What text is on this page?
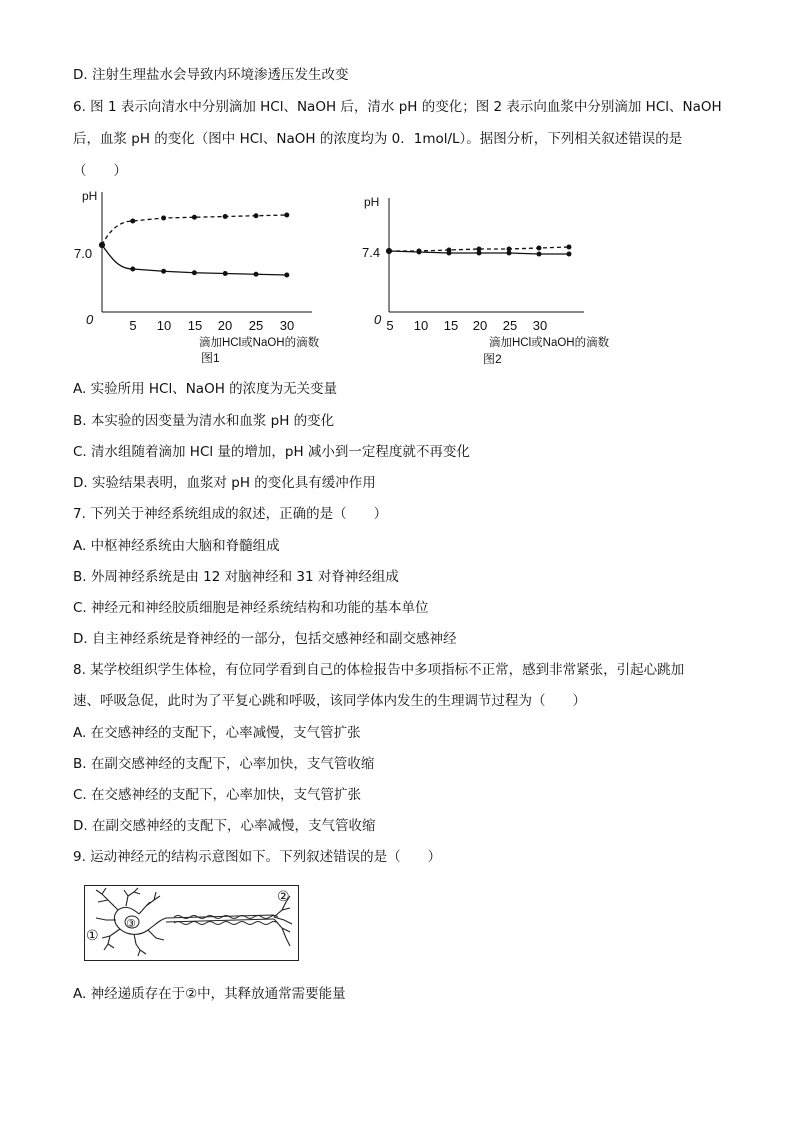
D. 注射生理盐水会导致内环境渗透压发生改变
6. 图 1 表示向清水中分别滴加 HCl、NaOH 后，清水 pH 的变化；图 2 表示向血浆中分别滴加 HCl、NaOH
后，血浆 pH 的变化（图中 HCl、NaOH 的浓度均为 0．1mol/L）。据图分析，下列相关叙述错误的是
（　　）
pH
7.0
0	5 10 15 20 25 30
滴加HCl或NaOH的滴数
图1
pH
7.4
0 5 10 15 20 25 30
滴加HCl或NaOH的滴数
图2
A. 实验所用 HCl、NaOH 的浓度为无关变量
B. 本实验的因变量为清水和血浆 pH 的变化
C. 清水组随着滴加 HCl 量的增加，pH 减小到一定程度就不再变化
D. 实验结果表明，血浆对 pH 的变化具有缓冲作用
7. 下列关于神经系统组成的叙述，正确的是（　　）
A. 中枢神经系统由大脑和脊髓组成
B. 外周神经系统是由 12 对脑神经和 31 对脊神经组成
C. 神经元和神经胶质细胞是神经系统结构和功能的基本单位
D. 自主神经系统是脊神经的一部分，包括交感神经和副交感神经
8. 某学校组织学生体检，有位同学看到自己的体检报告中多项指标不正常，感到非常紧张，引起心跳加
速、呼吸急促，此时为了平复心跳和呼吸，该同学体内发生的生理调节过程为（　　）
A. 在交感神经的支配下，心率减慢，支气管扩张
B. 在副交感神经的支配下，心率加快，支气管收缩
C. 在交感神经的支配下，心率加快，支气管扩张
D. 在副交感神经的支配下，心率减慢，支气管收缩
9. 运动神经元的结构示意图如下。下列叙述错误的是（　　）
③
①
②
A. 神经递质存在于②中，其释放通常需要能量
